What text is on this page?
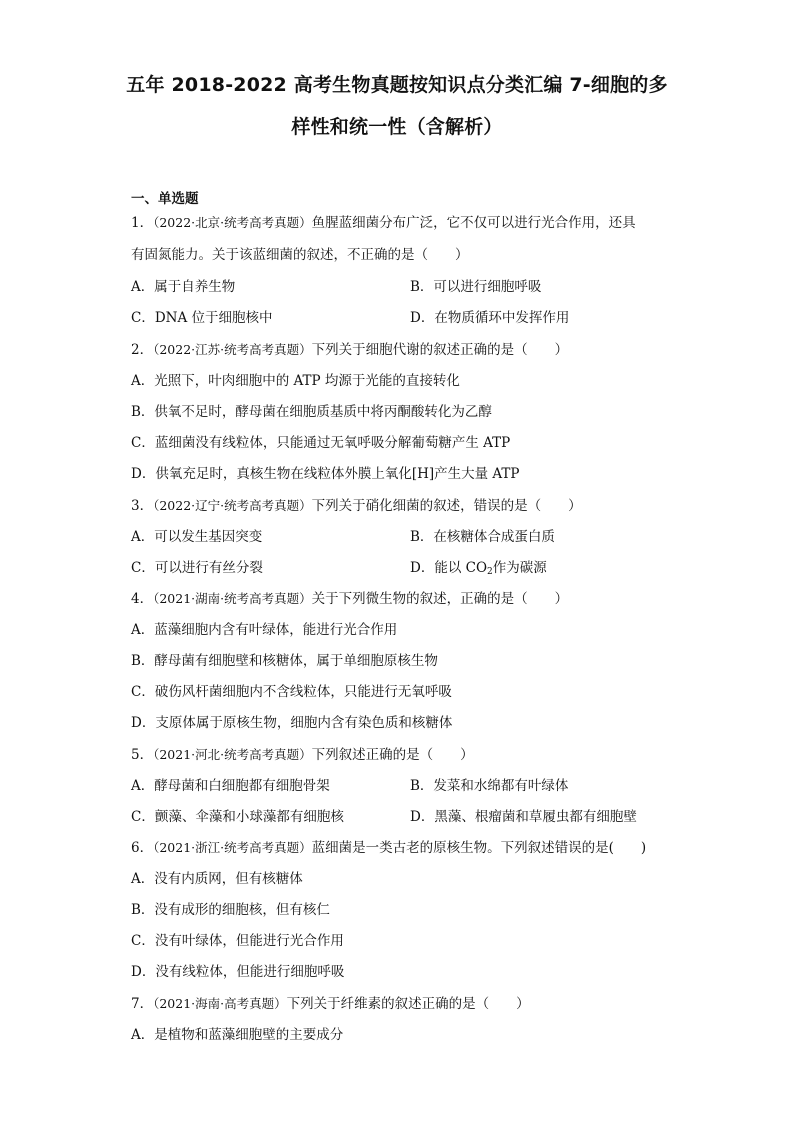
五年 2018-2022 高考生物真题按知识点分类汇编 7-细胞的多
样性和统一性（含解析）
一、单选题
1．（2022·北京·统考高考真题）鱼腥蓝细菌分布广泛，它不仅可以进行光合作用，还具
有固氮能力。关于该蓝细菌的叙述，不正确的是（　　）
A．属于自养生物	B．可以进行细胞呼吸
C．DNA 位于细胞核中	D．在物质循环中发挥作用
2．（2022·江苏·统考高考真题）下列关于细胞代谢的叙述正确的是（　　）
A．光照下，叶肉细胞中的 ATP 均源于光能的直接转化
B．供氧不足时，酵母菌在细胞质基质中将丙酮酸转化为乙醇
C．蓝细菌没有线粒体，只能通过无氧呼吸分解葡萄糖产生 ATP
D．供氧充足时，真核生物在线粒体外膜上氧化[H]产生大量 ATP
3．（2022·辽宁·统考高考真题）下列关于硝化细菌的叙述，错误的是（　　）
A．可以发生基因突变	B．在核糖体合成蛋白质
C．可以进行有丝分裂	D．能以 $CO_2$作为碳源
4．（2021·湖南·统考高考真题）关于下列微生物的叙述，正确的是（　　）
A．蓝藻细胞内含有叶绿体，能进行光合作用
B．酵母菌有细胞壁和核糖体，属于单细胞原核生物
C．破伤风杆菌细胞内不含线粒体，只能进行无氧呼吸
D．支原体属于原核生物，细胞内含有染色质和核糖体
5．（2021·河北·统考高考真题）下列叙述正确的是（　　）
A．酵母菌和白细胞都有细胞骨架	B．发菜和水绵都有叶绿体
C．颤藻、伞藻和小球藻都有细胞核	D．黑藻、根瘤菌和草履虫都有细胞壁
6．（2021·浙江·统考高考真题）蓝细菌是一类古老的原核生物。下列叙述错误的是(　　)
A．没有内质网，但有核糖体
B．没有成形的细胞核，但有核仁
C．没有叶绿体，但能进行光合作用
D．没有线粒体，但能进行细胞呼吸
7．（2021·海南·高考真题）下列关于纤维素的叙述正确的是（　　）
A．是植物和蓝藻细胞壁的主要成分
